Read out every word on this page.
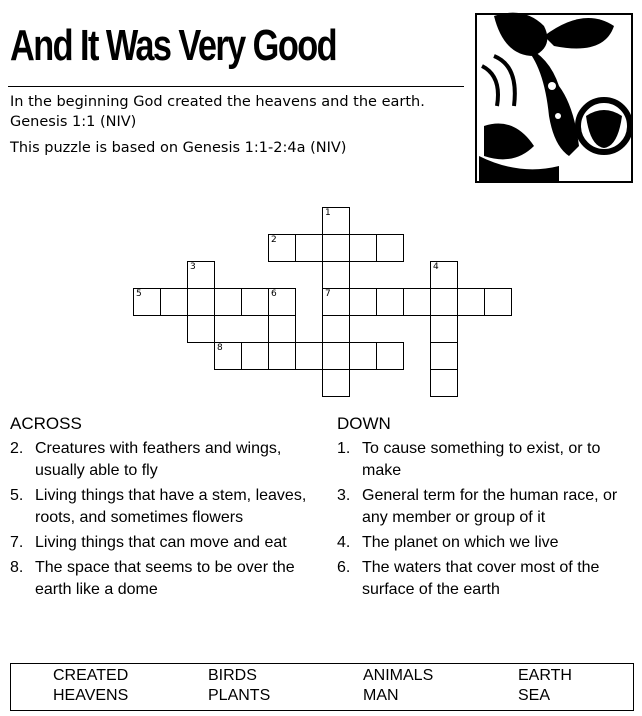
And It Was Very Good
In the beginning God created the heavens and the earth. Genesis 1:1 (NIV)
This puzzle is based on Genesis 1:1-2:4a (NIV)
1
2
3	4
5	6	7
8
ACROSS
2. Creatures with feathers and wings, usually able to fly
5. Living things that have a stem, leaves, roots, and sometimes flowers
7. Living things that can move and eat
8. The space that seems to be over the earth like a dome
DOWN
1. To cause something to exist, or to make
3. General term for the human race, or any member or group of it
4. The planet on which we live
6. The waters that cover most of the surface of the earth
CREATED	BIRDS	ANIMALS	EARTH
HEAVENS	PLANTS	MAN	SEA
